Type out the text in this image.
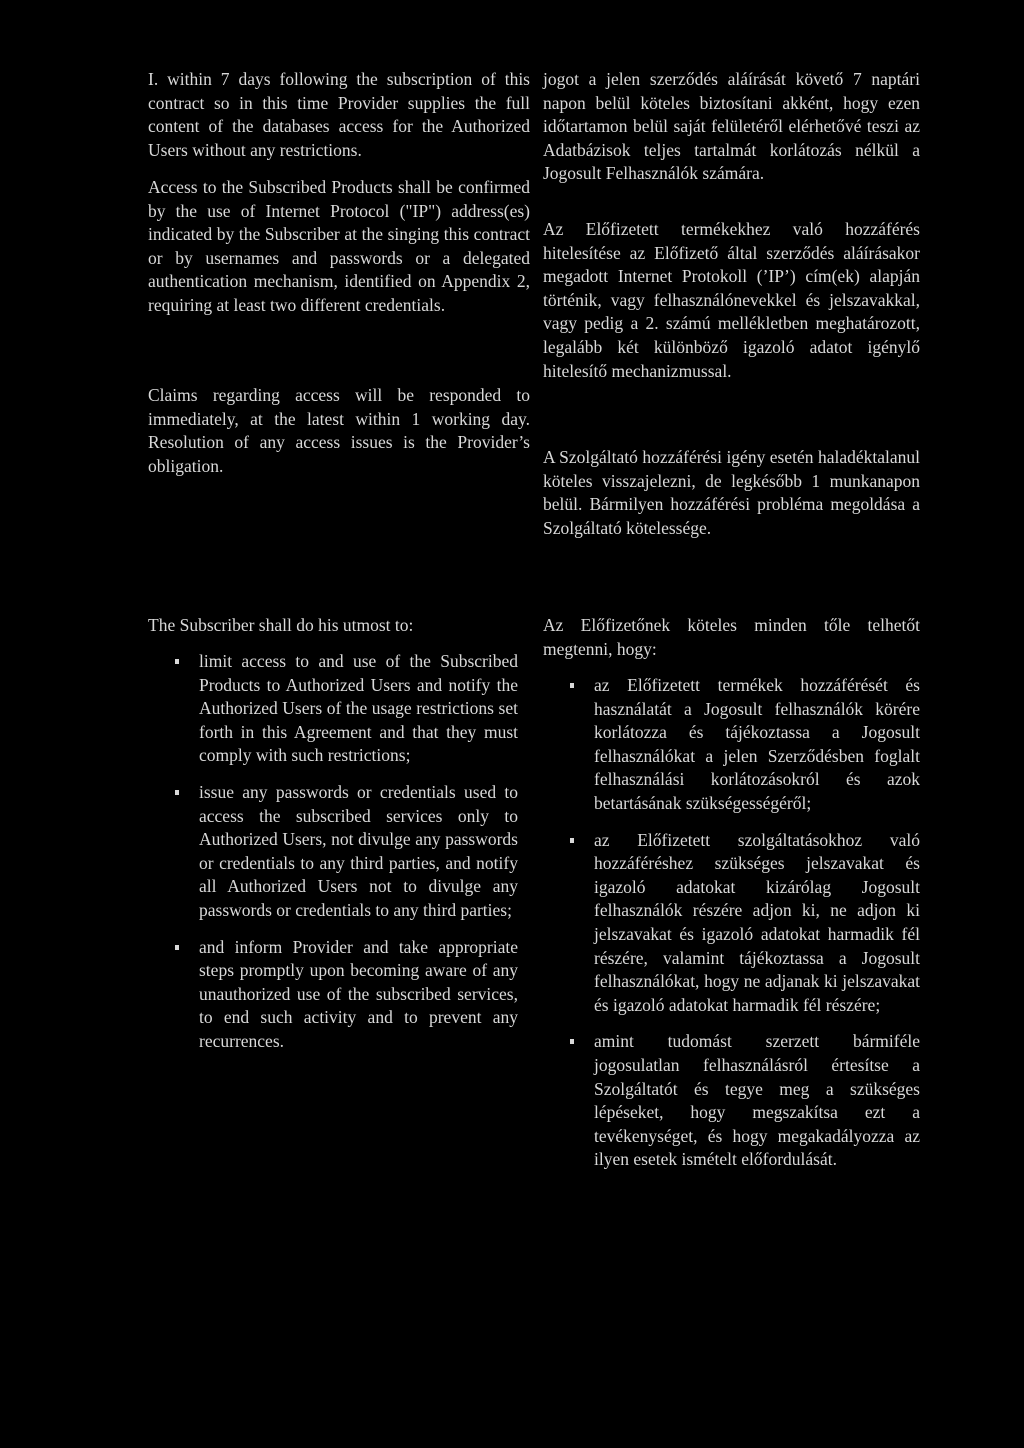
I. within 7 days following the subscription of this contract so in this time Provider supplies the full content of the databases access for the Authorized Users without any restrictions.

Access to the Subscribed Products shall be confirmed by the use of Internet Protocol ("IP") address(es) indicated by the Subscriber at the singing this contract or by usernames and passwords or a delegated authentication mechanism, identified on Appendix 2, requiring at least two different credentials.

Claims regarding access will be responded to immediately, at the latest within 1 working day. Resolution of any access issues is the Provider’s obligation.

jogot a jelen szerződés aláírását követő 7 naptári napon belül köteles biztosítani akként, hogy ezen időtartamon belül saját felületéről elérhetővé teszi az Adatbázisok teljes tartalmát korlátozás nélkül a Jogosult Felhasználók számára.

Az Előfizetett termékekhez való hozzáférés hitelesítése az Előfizető által szerződés aláírásakor megadott Internet Protokoll (’IP’) cím(ek) alapján történik, vagy felhasználónevekkel és jelszavakkal, vagy pedig a 2. számú mellékletben meghatározott, legalább két különböző igazoló adatot igénylő hitelesítő mechanizmussal.

A Szolgáltató hozzáférési igény esetén haladéktalanul köteles visszajelezni, de legkésőbb 1 munkanapon belül. Bármilyen hozzáférési probléma megoldása a Szolgáltató kötelessége.

The Subscriber shall do his utmost to:

limit access to and use of the Subscribed Products to Authorized Users and notify the Authorized Users of the usage restrictions set forth in this Agreement and that they must comply with such restrictions;
issue any passwords or credentials used to access the subscribed services only to Authorized Users, not divulge any passwords or credentials to any third parties, and notify all Authorized Users not to divulge any passwords or credentials to any third parties;
and inform Provider and take appropriate steps promptly upon becoming aware of any unauthorized use of the subscribed services, to end such activity and to prevent any recurrences.

Az Előfizetőnek köteles minden tőle telhetőt megtenni, hogy:

az Előfizetett termékek hozzáférését és használatát a Jogosult felhasználók körére korlátozza és tájékoztassa a Jogosult felhasználókat a jelen Szerződésben foglalt felhasználási korlátozásokról és azok betartásának szükségességéről;
az Előfizetett szolgáltatásokhoz való hozzáféréshez szükséges jelszavakat és igazoló adatokat kizárólag Jogosult felhasználók részére adjon ki, ne adjon ki jelszavakat és igazoló adatokat harmadik fél részére, valamint tájékoztassa a Jogosult felhasználókat, hogy ne adjanak ki jelszavakat és igazoló adatokat harmadik fél részére;
amint tudomást szerzett bármiféle jogosulatlan felhasználásról értesítse a Szolgáltatót és tegye meg a szükséges lépéseket, hogy megszakítsa ezt a tevékenységet, és hogy megakadályozza az ilyen esetek ismételt előfordulását.
